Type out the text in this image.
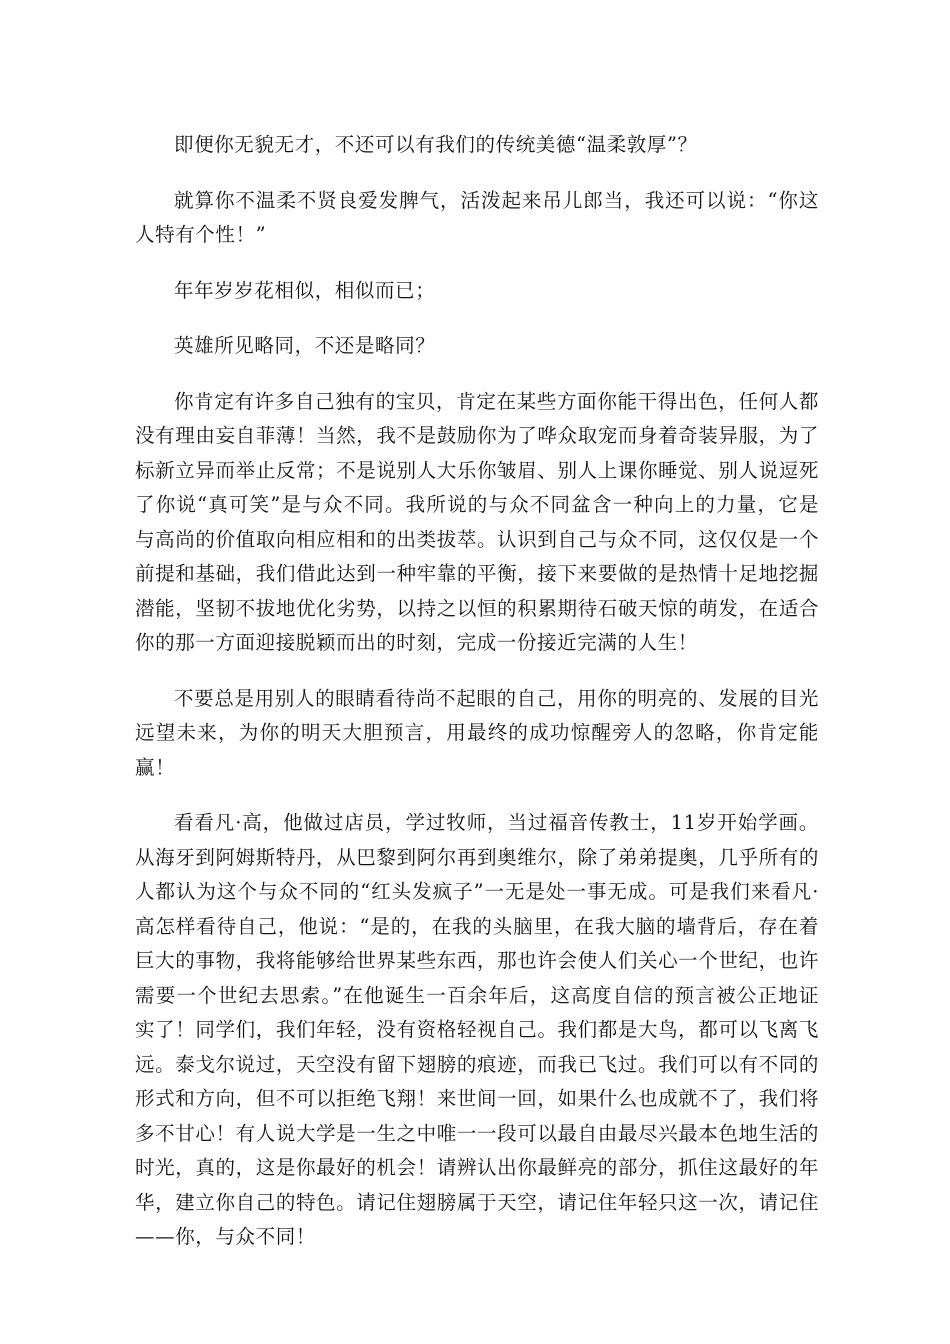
即便你无貌无才，不还可以有我们的传统美德“温柔敦厚”？

就算你不温柔不贤良爱发脾气，活泼起来吊儿郎当，我还可以说：“你这人特有个性！”

年年岁岁花相似，相似而已；

英雄所见略同，不还是略同？

你肯定有许多自己独有的宝贝，肯定在某些方面你能干得出色，任何人都没有理由妄自菲薄！当然，我不是鼓励你为了哗众取宠而身着奇装异服，为了标新立异而举止反常；不是说别人大乐你皱眉、别人上课你睡觉、别人说逗死了你说“真可笑”是与众不同。我所说的与众不同盆含一种向上的力量，它是与高尚的价值取向相应相和的出类拔萃。认识到自己与众不同，这仅仅是一个前提和基础，我们借此达到一种牢靠的平衡，接下来要做的是热情十足地挖掘潜能，坚韧不拔地优化劣势，以持之以恒的积累期待石破天惊的萌发，在适合你的那一方面迎接脱颖而出的时刻，完成一份接近完满的人生！

不要总是用别人的眼睛看待尚不起眼的自己，用你的明亮的、发展的目光远望未来，为你的明天大胆预言，用最终的成功惊醒旁人的忽略，你肯定能赢！

看看凡·高，他做过店员，学过牧师，当过福音传教士，11岁开始学画。从海牙到阿姆斯特丹，从巴黎到阿尔再到奥维尔，除了弟弟提奥，几乎所有的人都认为这个与众不同的“红头发疯子”一无是处一事无成。可是我们来看凡·高怎样看待自己，他说：“是的，在我的头脑里，在我大脑的墙背后，存在着巨大的事物，我将能够给世界某些东西，那也许会使人们关心一个世纪，也许需要一个世纪去思索。”在他诞生一百余年后，这高度自信的预言被公正地证实了！同学们，我们年轻，没有资格轻视自己。我们都是大鸟，都可以飞离飞远。泰戈尔说过，天空没有留下翅膀的痕迹，而我已飞过。我们可以有不同的形式和方向，但不可以拒绝飞翔！来世间一回，如果什么也成就不了，我们将多不甘心！有人说大学是一生之中唯一一段可以最自由最尽兴最本色地生活的时光，真的，这是你最好的机会！请辨认出你最鲜亮的部分，抓住这最好的年华，建立你自己的特色。请记住翅膀属于天空，请记住年轻只这一次，请记住——你，与众不同！
